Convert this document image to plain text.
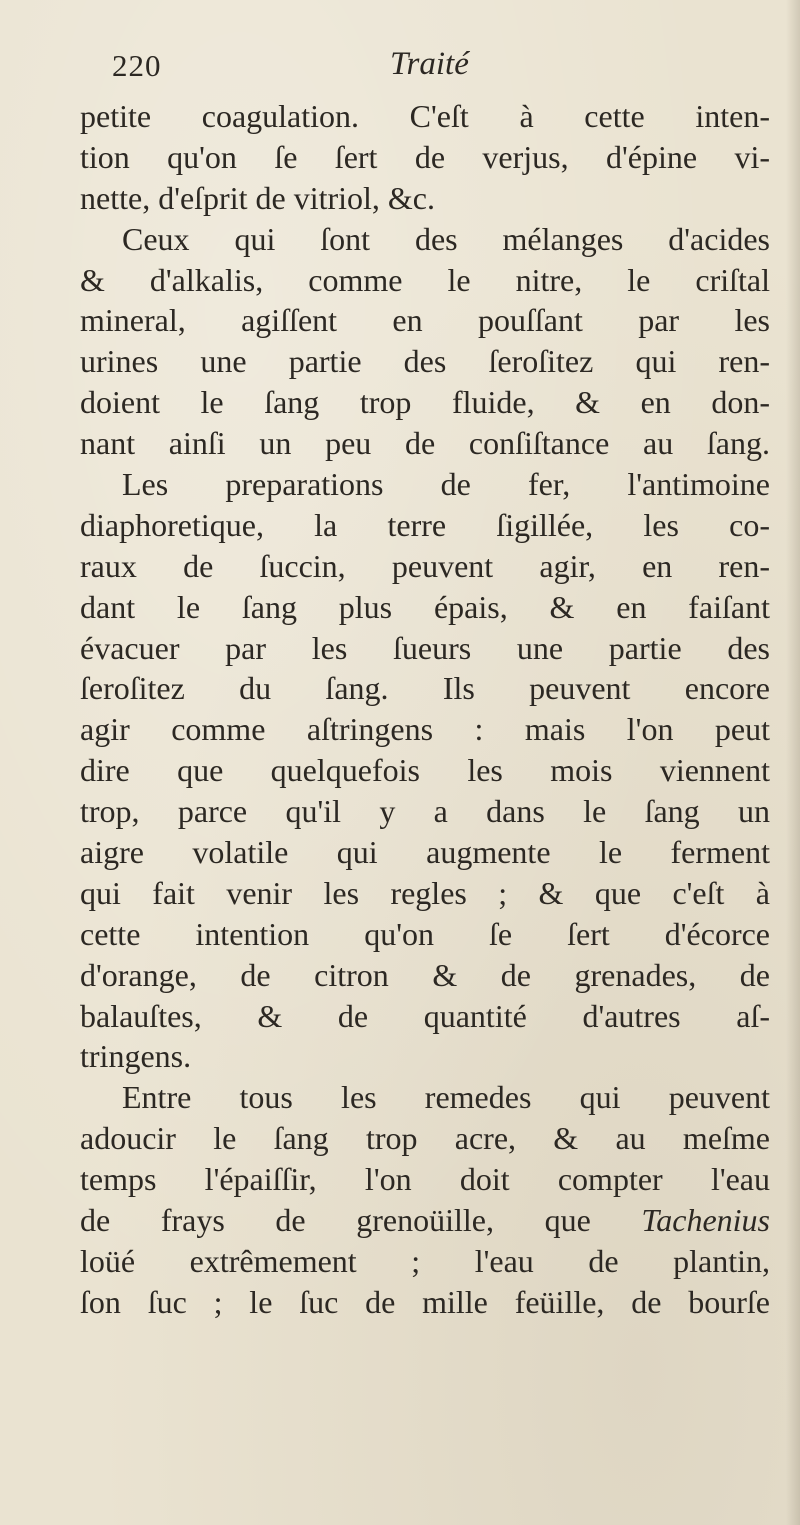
220	Traité
petite coagulation. C'eſt à cette inten-
tion qu'on ſe ſert de verjus, d'épine vi-
nette, d'eſprit de vitriol, &c.
Ceux qui ſont des mélanges d'acides
& d'alkalis, comme le nitre, le criſtal
mineral, agiſſent en pouſſant par les
urines une partie des ſeroſitez qui ren-
doient le ſang trop fluide, & en don-
nant ainſi un peu de conſiſtance au ſang.
Les preparations de fer, l'antimoine
diaphoretique, la terre ſigillée, les co-
raux de ſuccin, peuvent agir, en ren-
dant le ſang plus épais, & en faiſant
évacuer par les ſueurs une partie des
ſeroſitez du ſang. Ils peuvent encore
agir comme aſtringens : mais l'on peut
dire que quelquefois les mois viennent
trop, parce qu'il y a dans le ſang un
aigre volatile qui augmente le ferment
qui fait venir les regles ; & que c'eſt à
cette intention qu'on ſe ſert d'écorce
d'orange, de citron & de grenades, de
balauſtes, & de quantité d'autres aſ-
tringens.
Entre tous les remedes qui peuvent
adoucir le ſang trop acre, & au meſme
temps l'épaiſſir, l'on doit compter l'eau
de frays de grenoüille, que Tachenius
loüé extrêmement ; l'eau de plantin,
ſon ſuc ; le ſuc de mille feüille, de bourſe
